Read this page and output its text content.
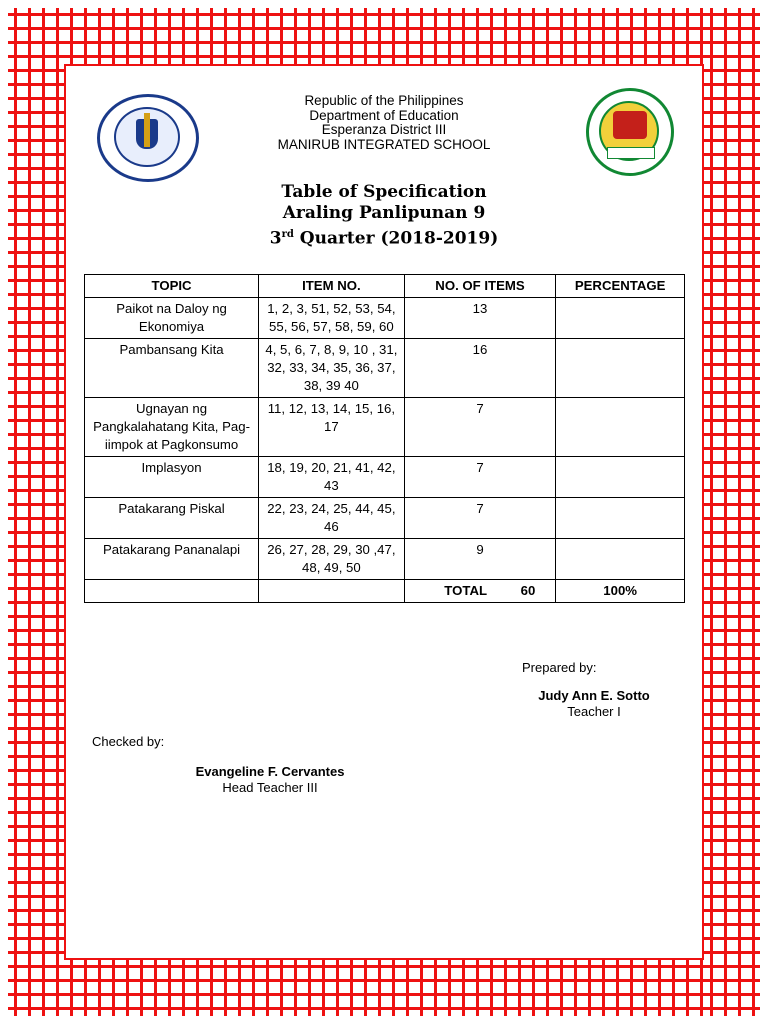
Republic of the Philippines
Department of Education
Esperanza District III
MANIRUB INTEGRATED SCHOOL
Table of Specification
Araling Panlipunan 9
3rd Quarter (2018-2019)
TOPIC	ITEM NO.	NO. OF ITEMS	PERCENTAGE
Paikot na Daloy ng Ekonomiya	1, 2, 3, 51, 52, 53, 54, 55, 56, 57, 58, 59, 60	13	
Pambansang Kita	4, 5, 6, 7, 8, 9, 10 , 31, 32, 33, 34, 35, 36, 37, 38, 39 40	16	
Ugnayan ng Pangkalahatang Kita, Pag-iimpok at Pagkonsumo	11, 12, 13, 14, 15, 16, 17	7	
Implasyon	18, 19, 20, 21, 41, 42, 43	7	
Patakarang Piskal	22, 23, 24, 25, 44, 45, 46	7	
Patakarang Pananalapi	26, 27, 28, 29, 30 ,47, 48, 49, 50	9	
		TOTAL 60	100%
Prepared by:
Judy Ann E. Sotto
Teacher I
Checked by:
Evangeline F. Cervantes
Head Teacher III
